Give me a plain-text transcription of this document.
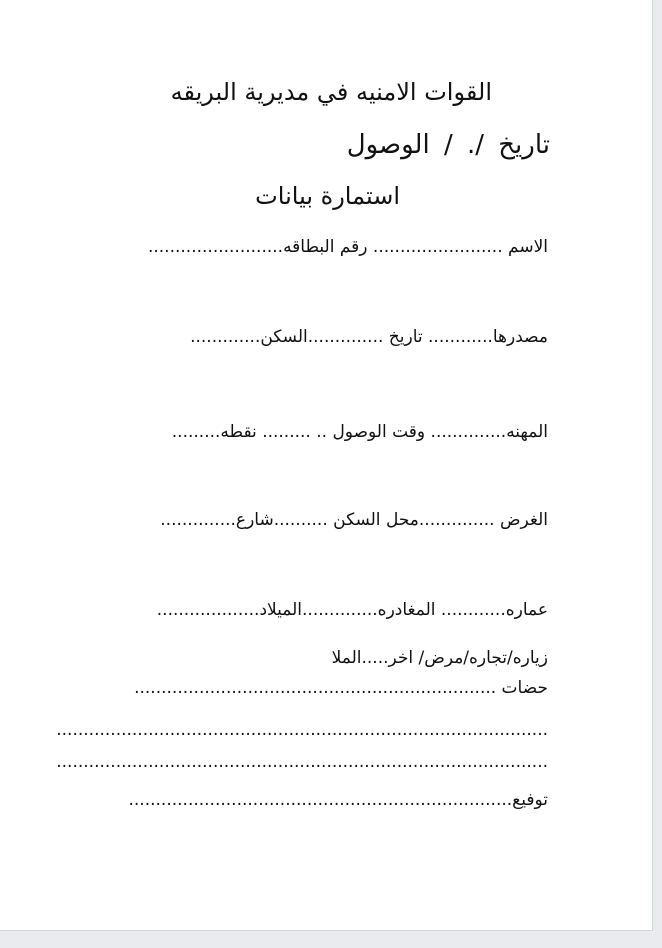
القوات الامنيه في مديرية البريقه
تاريخ /. / الوصول
استمارة بيانات
الاسم ........................ رقم البطاقه.........................
مصدرها............ تاريخ ..............السكن.............
المهنه.............. وقت الوصول .. ......... نقطه.........
الغرض ..............محل السكن ..........شارع..............
عماره............ المغادره..............الميلاد...................
زياره/تجاره/مرض/ اخر.....الملا
حضات ...................................................................
...........................................................................................
...........................................................................................
توفيع.......................................................................
